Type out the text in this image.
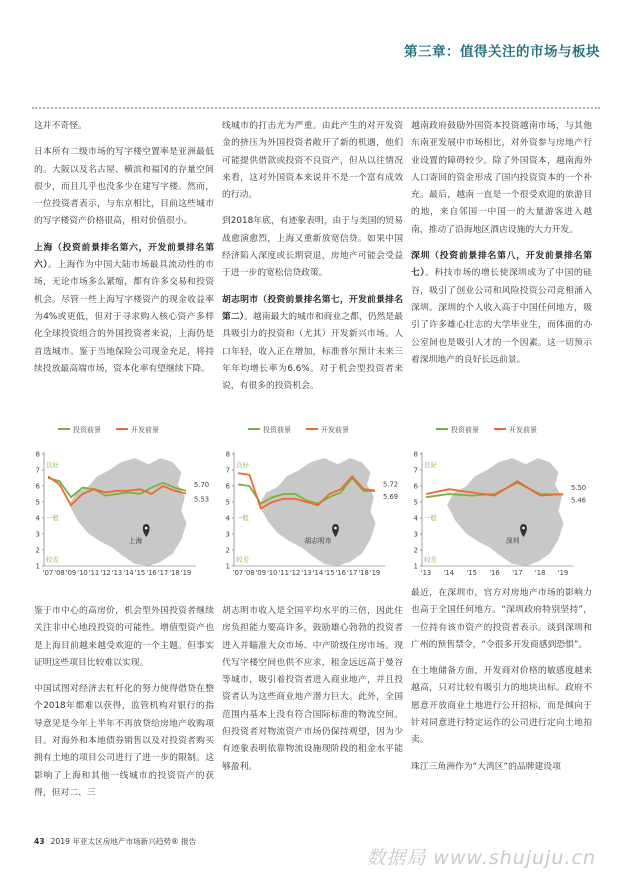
第三章：值得关注的市场与板块

这并不奇怪。

日本所有二级市场的写字楼空置率是亚洲最低的。大阪以及名古屋、横滨和福冈的存量空间很少，而且几乎也没多少在建写字楼。然而，一位投资者表示，与东京相比，目前这些城市的写字楼资产价格很高，相对价值很小。

上海（投资前景排名第六，开发前景排名第六）。上海作为中国大陆市场最具流动性的市场，无论市场多么紧缩，都有许多交易和投资机会。尽管一些上海写字楼资产的现金收益率为4%或更低，但对于寻求购入核心资产多样化全球投资组合的外国投资者来说，上海仍是首选城市。鉴于当地保险公司现金充足，将持续投放最高端市场，资本化率有望继续下降。

线城市的打击尤为严重。由此产生的对开发资金的挤压为外国投资者敞开了新的机遇，他们可能提供借款或投资不良资产，但从以往情况来看，这对外国资本来说并不是一个富有成效的行动。

到2018年底，有迹象表明，由于与美国的贸易战愈演愈烈，上海又重新放宽信贷。如果中国经济陷入深度或长期衰退，房地产可能会受益于进一步的宽松信贷政策。

胡志明市（投资前景排名第七，开发前景排名第二）。越南最大的城市和商业之都，仍然是最具吸引力的投资和（尤其）开发新兴市场。人口年轻，收入正在增加，标准普尔预计未来三年年均增长率为6.6%。对于机会型投资者来说，有很多的投资机会。

越南政府鼓励外国资本投资越南市场，与其他东南亚发展中市场相比，对外资参与房地产行业设置的障碍较少。除了外国资本，越南海外人口寄回的资金形成了国内投资资本的一个补充。最后，越南一直是一个很受欢迎的旅游目的地，来自邻国一中国一的大量游客进入越南，推动了沿海地区酒店设施的大力开发。

深圳（投资前景排名第八，开发前景排名第七）。科技市场的增长使深圳成为了中国的硅谷，吸引了创业公司和风险投资公司竞相涌入深圳。深圳的个人收入高于中国任何地方，吸引了许多雄心壮志的大学毕业生，而体面的办公室间也是吸引人才的一个因素。这一切预示着深圳地产的良好长远前景。

投资前景	开发前景
1
2
3
4
5
6
7
8
良好
一般
较差
'07 '08 '09 '10 '11 '12 '13 '14 '15 '16 '17 '18 '19
5.70
5.53
上海
投资前景	开发前景
1
2
3
4
5
6
7
8
良好
一般
较差
'07 '08 '09 '10 '11 '12 '13 '14 '15 '16 '17 '18 '19
5.69
5.72
胡志明市
投资前景	开发前景
1
2
3
4
5
6
7
8
良好
一般
较差
'13 '14 '15 '16 '17 '18 '19
5.46
5.50
深圳

鉴于市中心的高房价，机会型外国投资者继续关注非中心地段投资的可能性。增值型资产也是上海目前越来越受欢迎的一个主题。但事实证明这些项目比较难以实现。

中国试图对经济去杠杆化的努力使得借贷在整个2018年都难以获得，监管机构对银行的指导意见是今年上半年不再放贷给房地产收购项目。对海外和本地债券销售以及对投资者购买拥有土地的项目公司进行了进一步的限制。这影响了上海和其他一线城市的投资资产的获得，但对二、三

胡志明市收入是全国平均水平的三倍，因此住房负担能力要高许多，鼓励雄心勃勃的投资者进入并瞄准大众市场、中产阶级住房市场。现代写字楼空间也供不应求，租金远远高于曼谷等城市，吸引着投资者进入商业地产，并且投资者认为这些商业地产潜力巨大。此外，全国范围内基本上没有符合国际标准的物流空间。但投资者对物流资产市场仍保持观望，因为少有迹象表明依靠物流设施现阶段的租金水平能够盈利。

最近，在深圳市，官方对房地产市场的影响力也高于全国任何地方。“深圳政府特别坚持”，一位持有该市资产的投资者表示。谈到深圳和广州的预售禁令，“令很多开发商感到恐惧”。

在土地储备方面，开发商对价格的敏感度越来越高，只对比较有吸引力的地块出标。政府不愿意开放商业土地进行公开招标，而是倾向于针对同意进行特定运作的公司进行定向土地拍卖。

珠江三角洲作为“大湾区”的品牌建设项

43 2019 年亚太区房地产市场新兴趋势® 报告
数据局 www.shujuju.cn
